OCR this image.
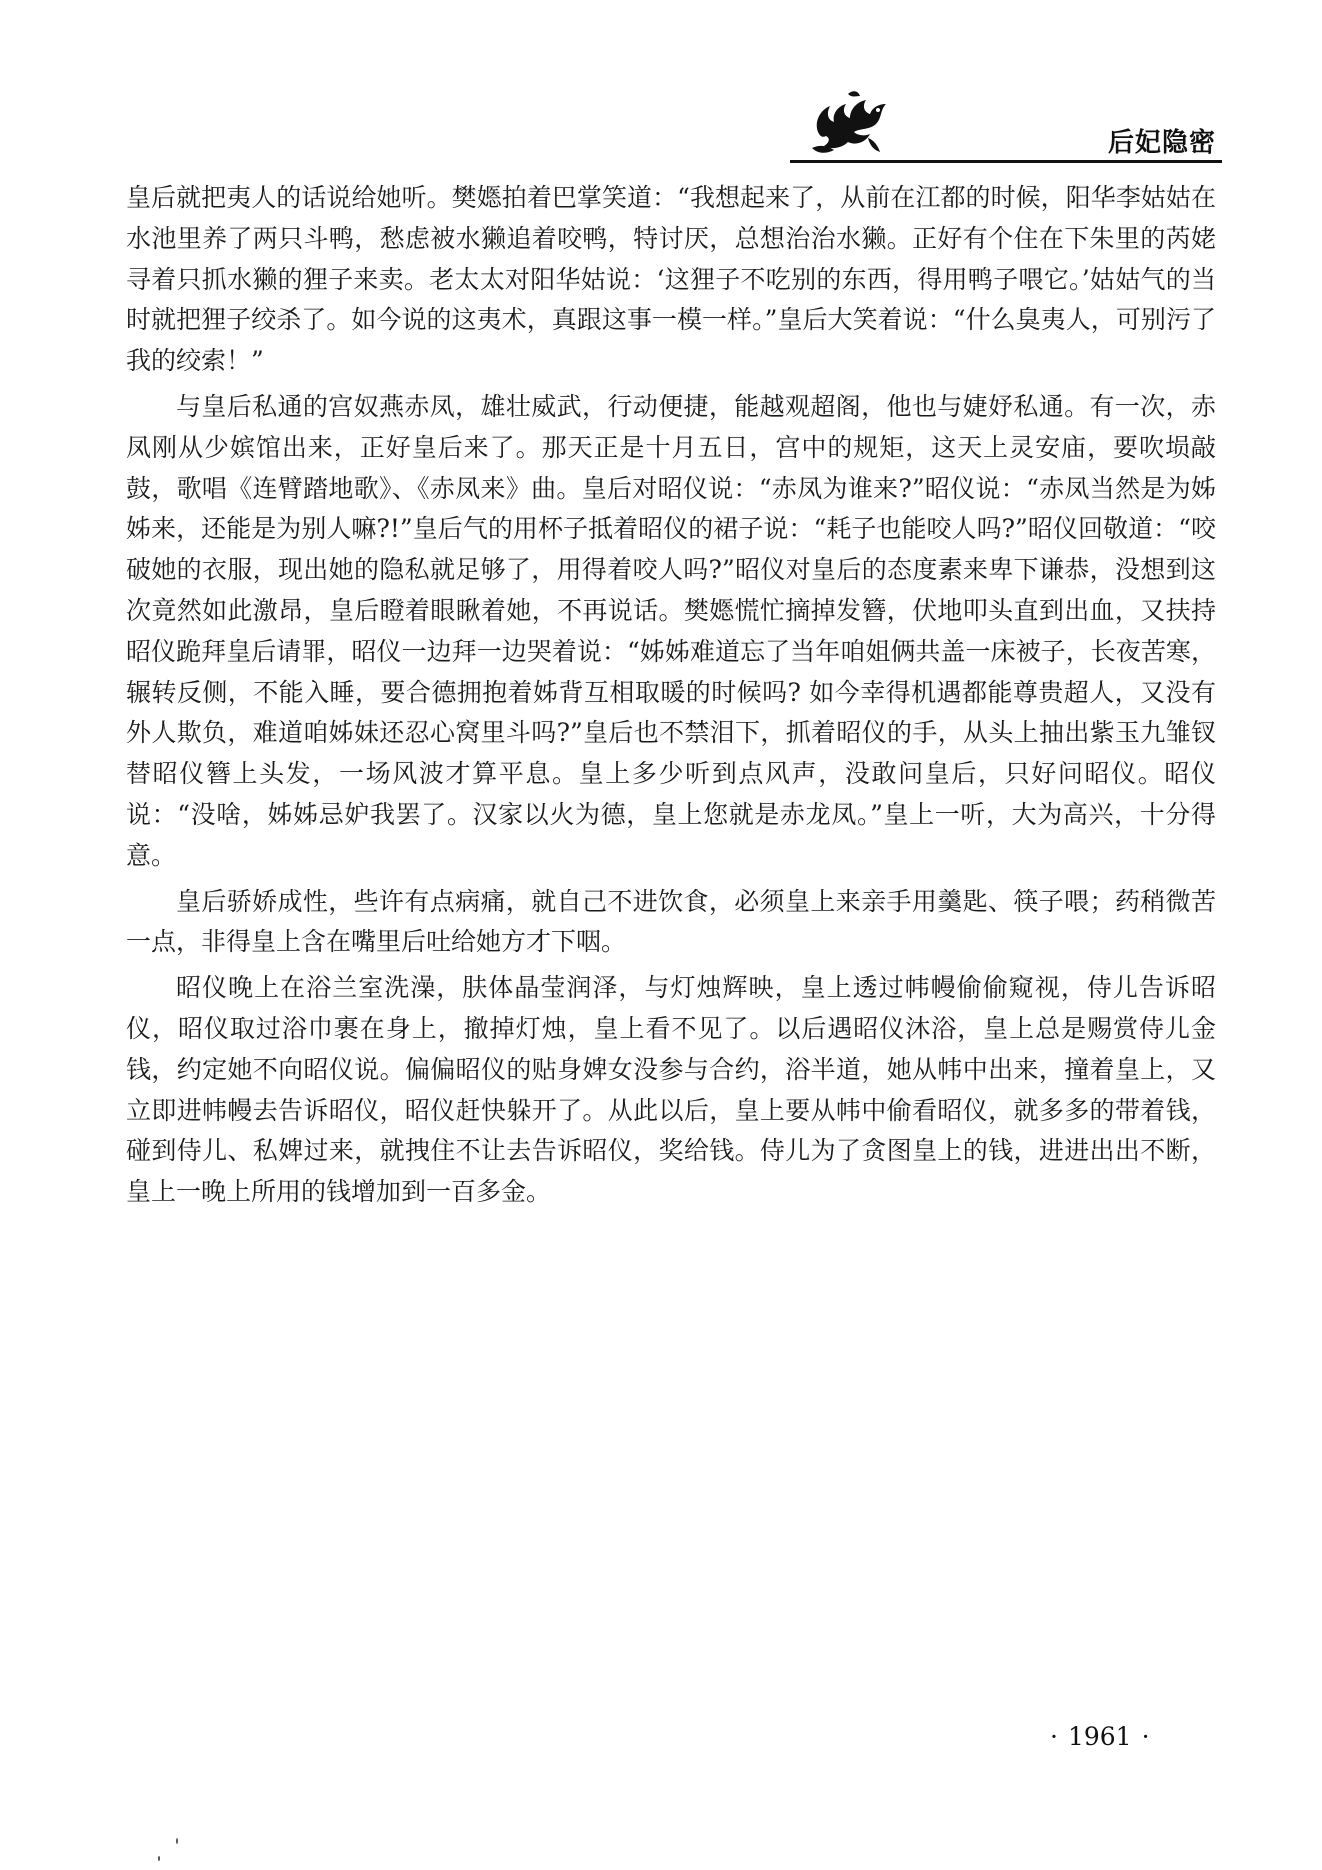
后妃隐密

皇后就把夷人的话说给她听。樊嫕拍着巴掌笑道：“我想起来了，从前在江都的时候，阳华李姑姑在水池里养了两只斗鸭，愁虑被水獭追着咬鸭，特讨厌，总想治治水獭。正好有个住在下朱里的芮姥寻着只抓水獭的狸子来卖。老太太对阳华姑说：‘这狸子不吃别的东西，得用鸭子喂它。’姑姑气的当时就把狸子绞杀了。如今说的这夷术，真跟这事一模一样。”皇后大笑着说：“什么臭夷人，可别污了我的绞索！”

与皇后私通的宫奴燕赤凤，雄壮威武，行动便捷，能越观超阁，他也与婕妤私通。有一次，赤凤刚从少嫔馆出来，正好皇后来了。那天正是十月五日，宫中的规矩，这天上灵安庙，要吹埙敲鼓，歌唱《连臂踏地歌》、《赤凤来》曲。皇后对昭仪说：“赤凤为谁来?”昭仪说：“赤凤当然是为姊姊来，还能是为别人嘛?!”皇后气的用杯子抵着昭仪的裙子说：“耗子也能咬人吗?”昭仪回敬道：“咬破她的衣服，现出她的隐私就足够了，用得着咬人吗?”昭仪对皇后的态度素来卑下谦恭，没想到这次竟然如此激昂，皇后瞪着眼瞅着她，不再说话。樊嫕慌忙摘掉发簪，伏地叩头直到出血，又扶持昭仪跪拜皇后请罪，昭仪一边拜一边哭着说：“姊姊难道忘了当年咱姐俩共盖一床被子，长夜苦寒，辗转反侧，不能入睡，要合德拥抱着姊背互相取暖的时候吗? 如今幸得机遇都能尊贵超人，又没有外人欺负，难道咱姊妹还忍心窝里斗吗?”皇后也不禁泪下，抓着昭仪的手，从头上抽出紫玉九雏钗替昭仪簪上头发，一场风波才算平息。皇上多少听到点风声，没敢问皇后，只好问昭仪。昭仪说：“没啥，姊姊忌妒我罢了。汉家以火为德，皇上您就是赤龙凤。”皇上一听，大为高兴，十分得意。

皇后骄娇成性，些许有点病痛，就自己不进饮食，必须皇上来亲手用羹匙、筷子喂；药稍微苦一点，非得皇上含在嘴里后吐给她方才下咽。

昭仪晚上在浴兰室洗澡，肤体晶莹润泽，与灯烛辉映，皇上透过帏幔偷偷窥视，侍儿告诉昭仪，昭仪取过浴巾裹在身上，撤掉灯烛，皇上看不见了。以后遇昭仪沐浴，皇上总是赐赏侍儿金钱，约定她不向昭仪说。偏偏昭仪的贴身婢女没参与合约，浴半道，她从帏中出来，撞着皇上，又立即进帏幔去告诉昭仪，昭仪赶快躲开了。从此以后，皇上要从帏中偷看昭仪，就多多的带着钱，碰到侍儿、私婢过来，就拽住不让去告诉昭仪，奖给钱。侍儿为了贪图皇上的钱，进进出出不断，皇上一晚上所用的钱增加到一百多金。

· 1961 ·
